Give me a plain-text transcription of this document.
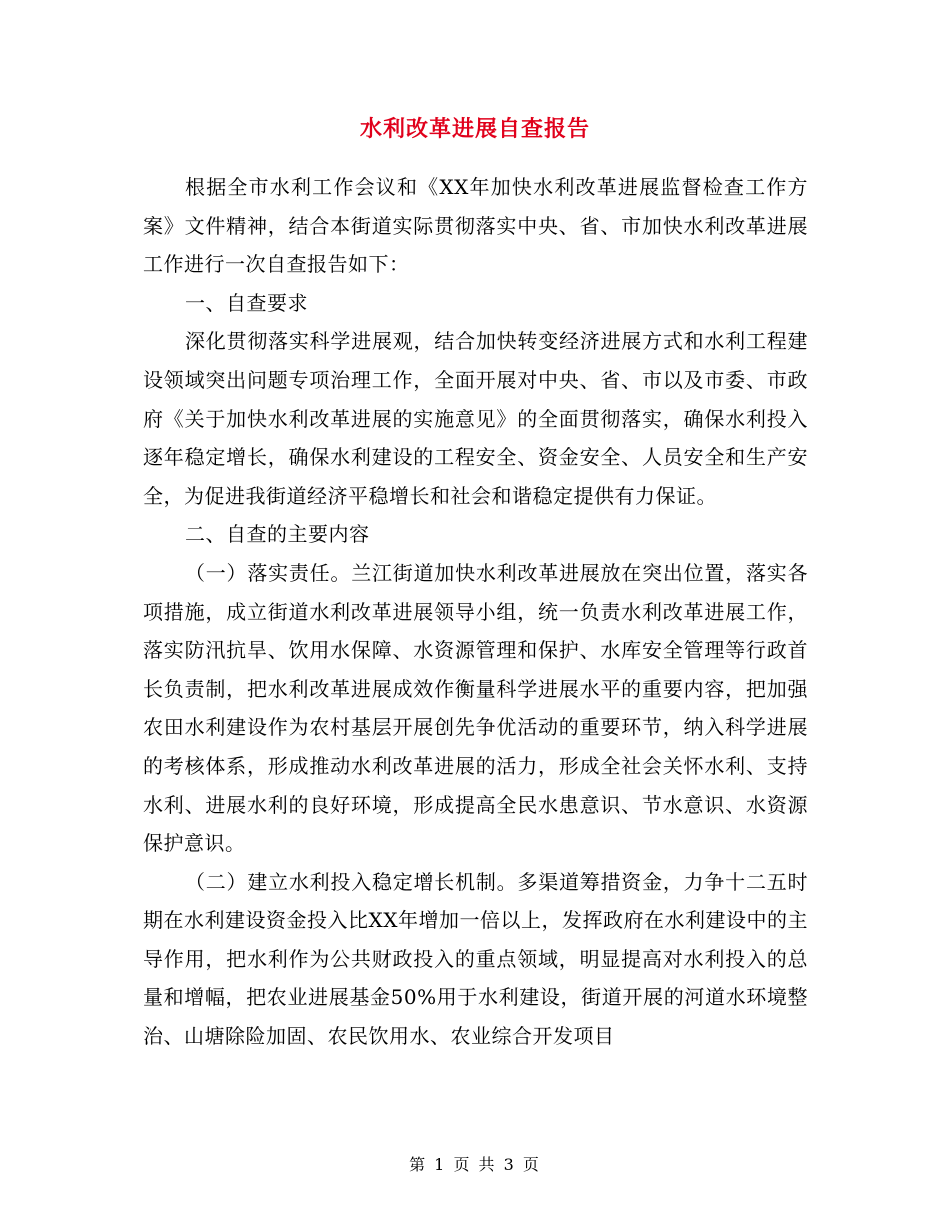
水利改革进展自查报告

根据全市水利工作会议和《XX年加快水利改革进展监督检查工作方案》文件精神，结合本街道实际贯彻落实中央、省、市加快水利改革进展工作进行一次自查报告如下：

一、自查要求

深化贯彻落实科学进展观，结合加快转变经济进展方式和水利工程建设领域突出问题专项治理工作，全面开展对中央、省、市以及市委、市政府《关于加快水利改革进展的实施意见》的全面贯彻落实，确保水利投入逐年稳定增长，确保水利建设的工程安全、资金安全、人员安全和生产安全，为促进我街道经济平稳增长和社会和谐稳定提供有力保证。

二、自查的主要内容

（一）落实责任。兰江街道加快水利改革进展放在突出位置，落实各项措施，成立街道水利改革进展领导小组，统一负责水利改革进展工作，落实防汛抗旱、饮用水保障、水资源管理和保护、水库安全管理等行政首长负责制，把水利改革进展成效作衡量科学进展水平的重要内容，把加强农田水利建设作为农村基层开展创先争优活动的重要环节，纳入科学进展的考核体系，形成推动水利改革进展的活力，形成全社会关怀水利、支持水利、进展水利的良好环境，形成提高全民水患意识、节水意识、水资源保护意识。

（二）建立水利投入稳定增长机制。多渠道筹措资金，力争十二五时期在水利建设资金投入比XX年增加一倍以上，发挥政府在水利建设中的主导作用，把水利作为公共财政投入的重点领域，明显提高对水利投入的总量和增幅，把农业进展基金50%用于水利建设，街道开展的河道水环境整治、山塘除险加固、农民饮用水、农业综合开发项目

第 1 页 共 3 页
